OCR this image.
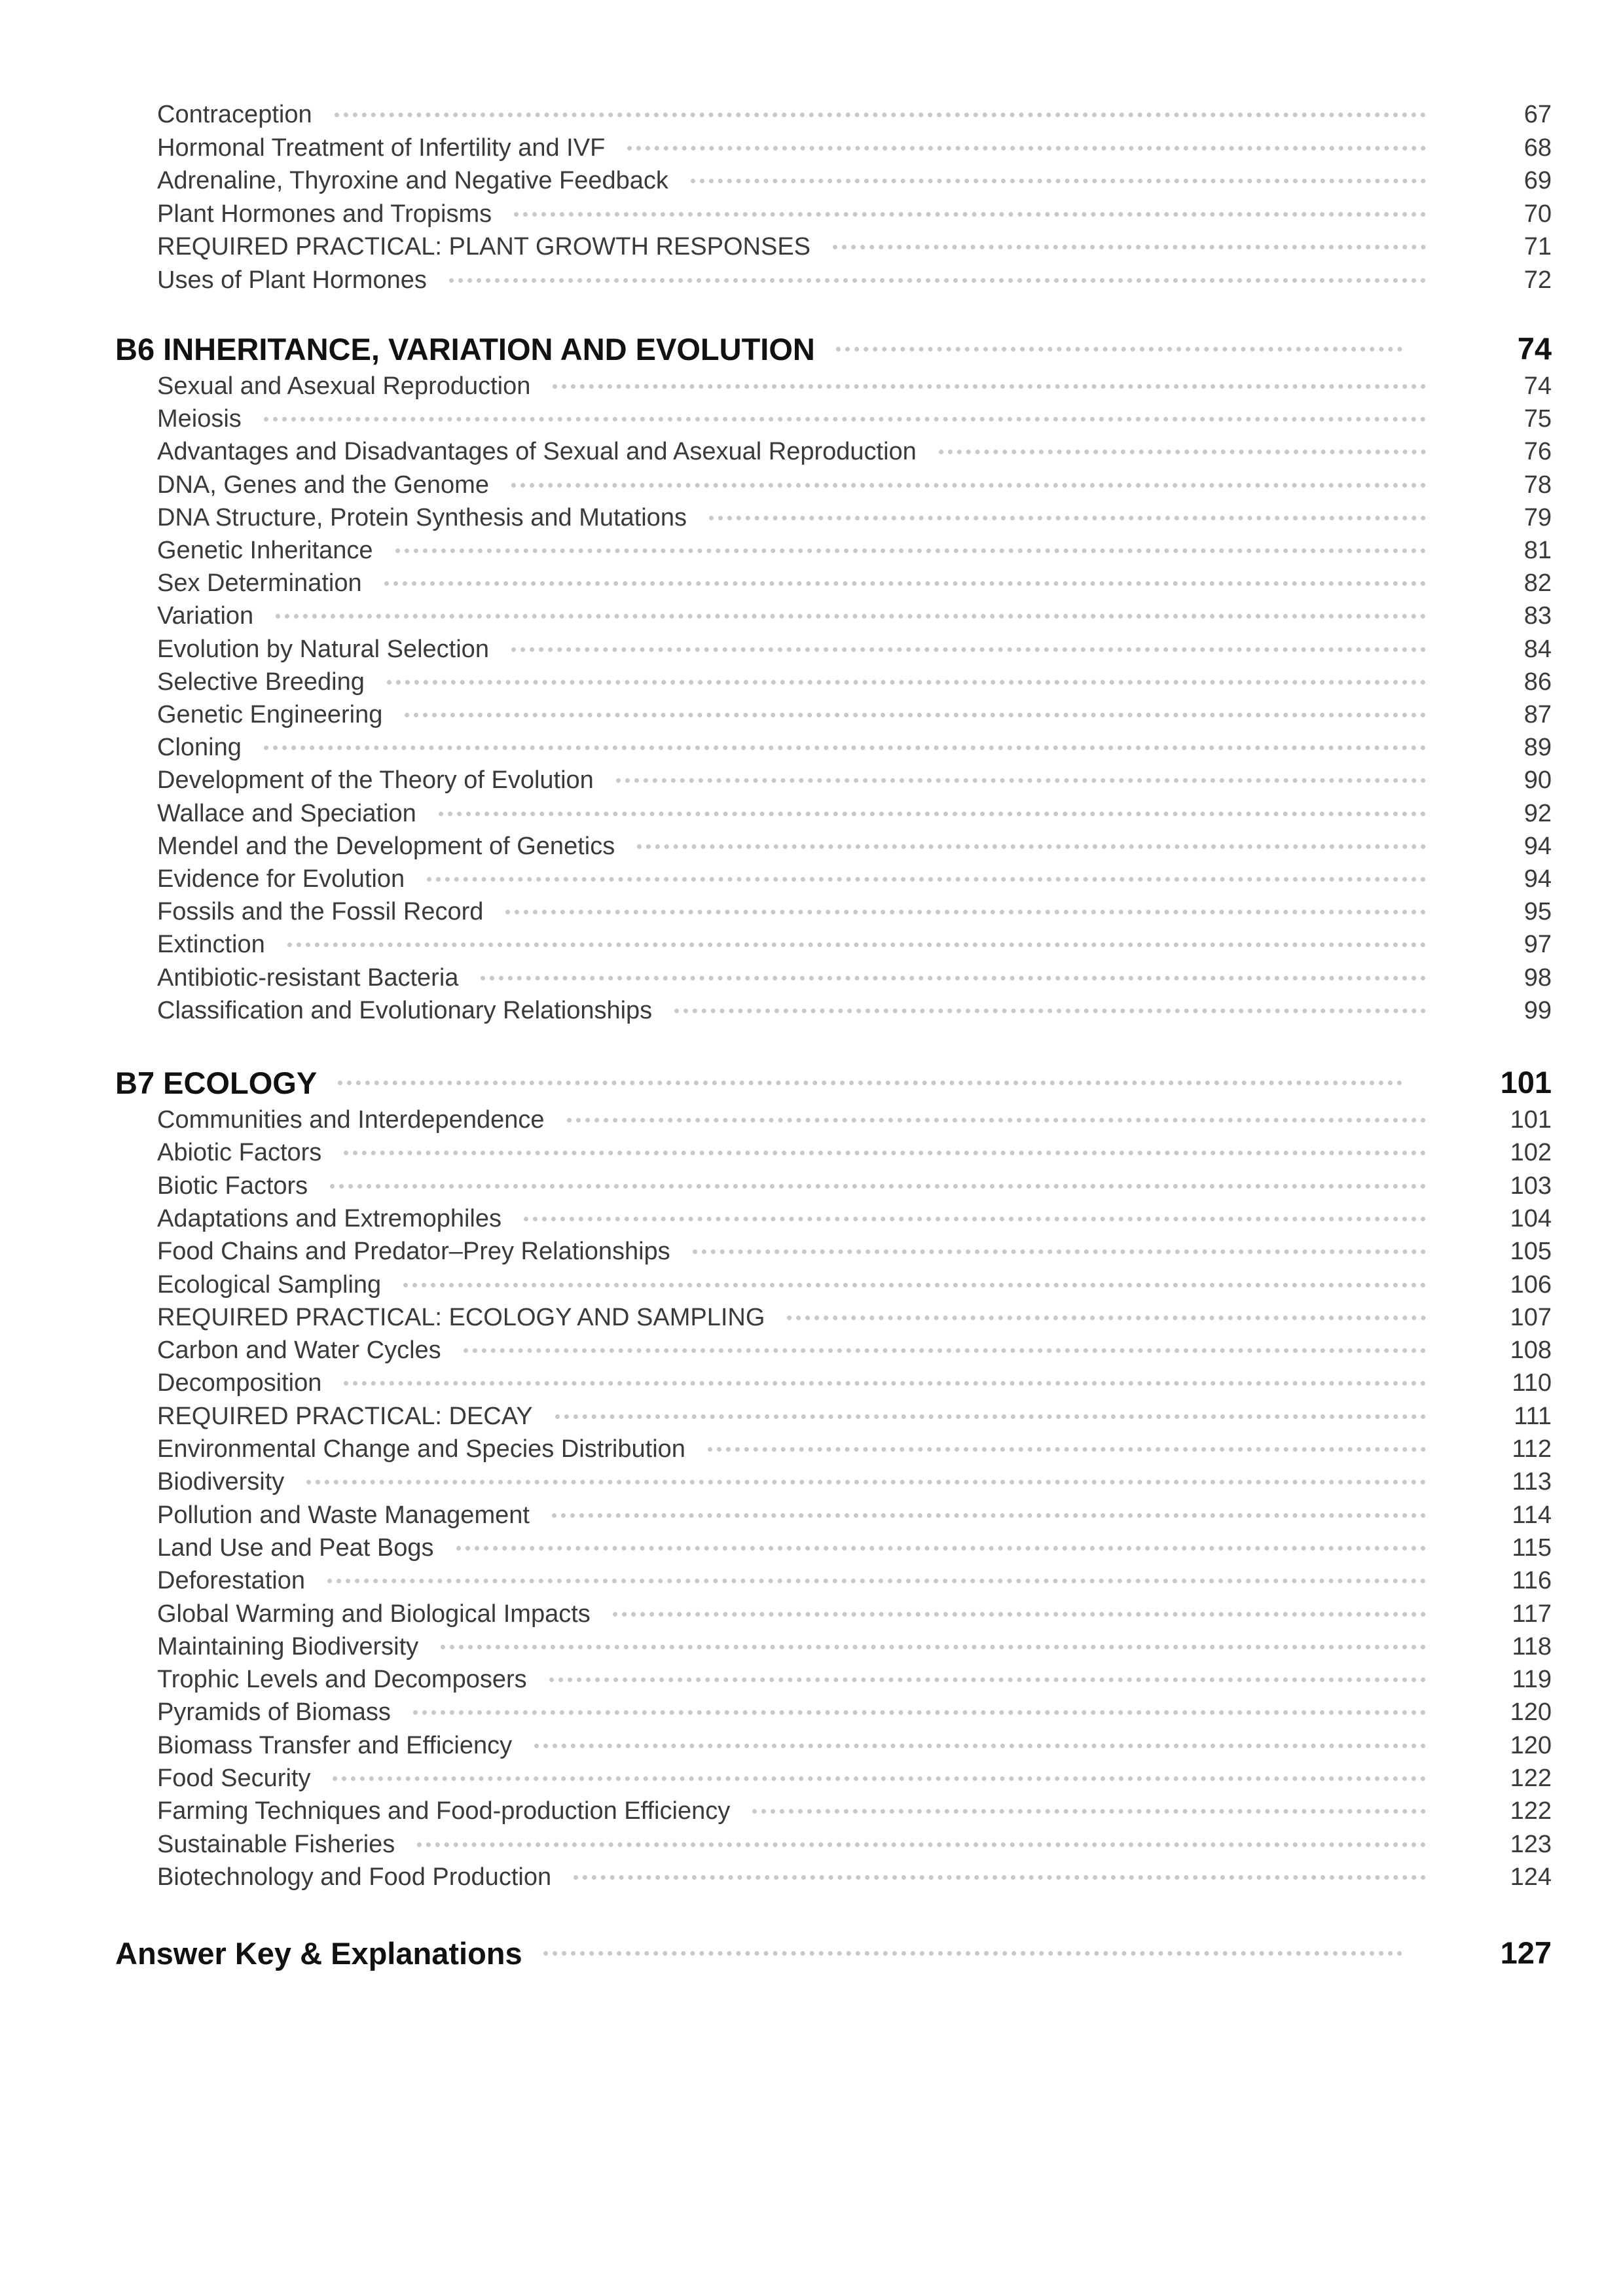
Contraception	67
Hormonal Treatment of Infertility and IVF	68
Adrenaline, Thyroxine and Negative Feedback	69
Plant Hormones and Tropisms	70
REQUIRED PRACTICAL: PLANT GROWTH RESPONSES	71
Uses of Plant Hormones	72
B6 INHERITANCE, VARIATION AND EVOLUTION	74
Sexual and Asexual Reproduction	74
Meiosis	75
Advantages and Disadvantages of Sexual and Asexual Reproduction	76
DNA, Genes and the Genome	78
DNA Structure, Protein Synthesis and Mutations	79
Genetic Inheritance	81
Sex Determination	82
Variation	83
Evolution by Natural Selection	84
Selective Breeding	86
Genetic Engineering	87
Cloning	89
Development of the Theory of Evolution	90
Wallace and Speciation	92
Mendel and the Development of Genetics	94
Evidence for Evolution	94
Fossils and the Fossil Record	95
Extinction	97
Antibiotic-resistant Bacteria	98
Classification and Evolutionary Relationships	99
B7 ECOLOGY	101
Communities and Interdependence	101
Abiotic Factors	102
Biotic Factors	103
Adaptations and Extremophiles	104
Food Chains and Predator–Prey Relationships	105
Ecological Sampling	106
REQUIRED PRACTICAL: ECOLOGY AND SAMPLING	107
Carbon and Water Cycles	108
Decomposition	110
REQUIRED PRACTICAL: DECAY	111
Environmental Change and Species Distribution	112
Biodiversity	113
Pollution and Waste Management	114
Land Use and Peat Bogs	115
Deforestation	116
Global Warming and Biological Impacts	117
Maintaining Biodiversity	118
Trophic Levels and Decomposers	119
Pyramids of Biomass	120
Biomass Transfer and Efficiency	120
Food Security	122
Farming Techniques and Food-production Efficiency	122
Sustainable Fisheries	123
Biotechnology and Food Production	124
Answer Key & Explanations	127
